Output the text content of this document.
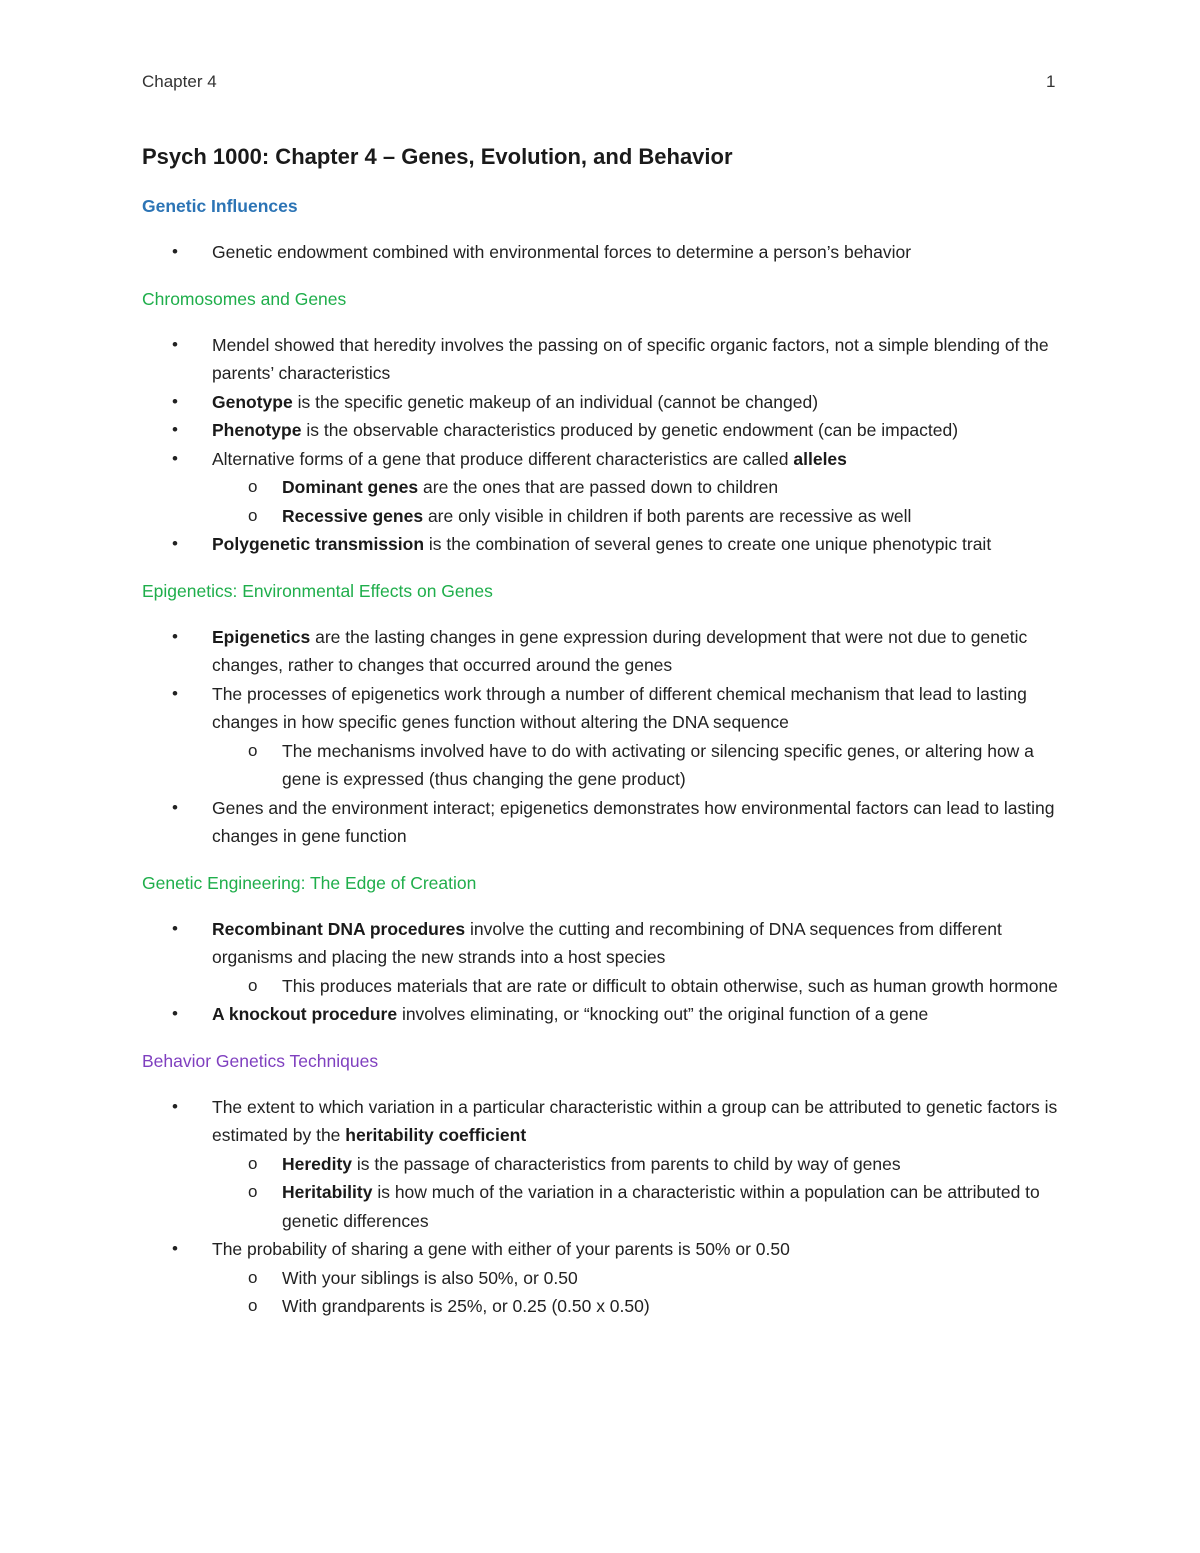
Chapter 4	1
Psych 1000: Chapter 4 – Genes, Evolution, and Behavior
Genetic Influences
• Genetic endowment combined with environmental forces to determine a person’s behavior
Chromosomes and Genes
• Mendel showed that heredity involves the passing on of specific organic factors, not a simple blending of the parents’ characteristics
• Genotype is the specific genetic makeup of an individual (cannot be changed)
• Phenotype is the observable characteristics produced by genetic endowment (can be impacted)
• Alternative forms of a gene that produce different characteristics are called alleles
o Dominant genes are the ones that are passed down to children
o Recessive genes are only visible in children if both parents are recessive as well
• Polygenetic transmission is the combination of several genes to create one unique phenotypic trait
Epigenetics: Environmental Effects on Genes
• Epigenetics are the lasting changes in gene expression during development that were not due to genetic changes, rather to changes that occurred around the genes
• The processes of epigenetics work through a number of different chemical mechanism that lead to lasting changes in how specific genes function without altering the DNA sequence
o The mechanisms involved have to do with activating or silencing specific genes, or altering how a gene is expressed (thus changing the gene product)
• Genes and the environment interact; epigenetics demonstrates how environmental factors can lead to lasting changes in gene function
Genetic Engineering: The Edge of Creation
• Recombinant DNA procedures involve the cutting and recombining of DNA sequences from different organisms and placing the new strands into a host species
o This produces materials that are rate or difficult to obtain otherwise, such as human growth hormone
• A knockout procedure involves eliminating, or “knocking out” the original function of a gene
Behavior Genetics Techniques
• The extent to which variation in a particular characteristic within a group can be attributed to genetic factors is estimated by the heritability coefficient
o Heredity is the passage of characteristics from parents to child by way of genes
o Heritability is how much of the variation in a characteristic within a population can be attributed to genetic differences
• The probability of sharing a gene with either of your parents is 50% or 0.50
o With your siblings is also 50%, or 0.50
o With grandparents is 25%, or 0.25 (0.50 x 0.50)
